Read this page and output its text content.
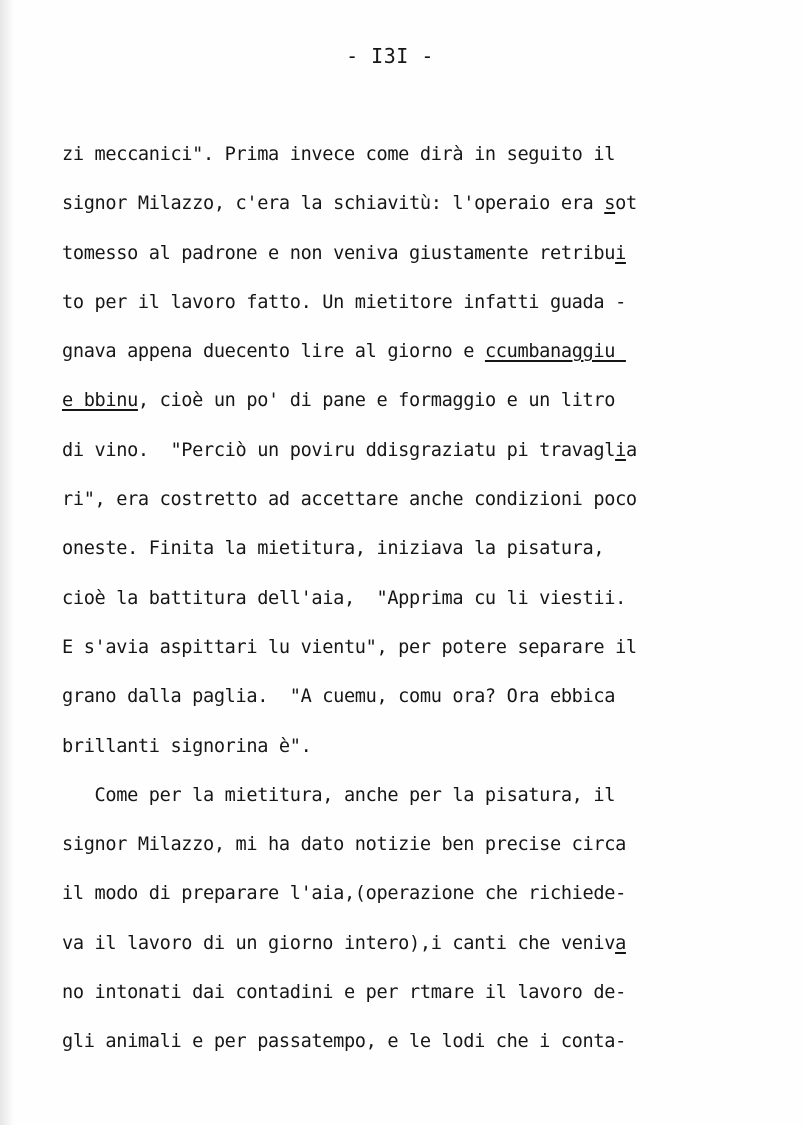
- I3I -
zi meccanici". Prima invece come dirà in seguito il
signor Milazzo, c'era la schiavitù: l'operaio era sot
tomesso al padrone e non veniva giustamente retribui
to per il lavoro fatto. Un mietitore infatti guada -
gnava appena duecento lire al giorno e ccumbanaggiu
e bbinu, cioè un po' di pane e formaggio e un litro
di vino.  "Perciò un poviru ddisgraziatu pi travaglia
ri", era costretto ad accettare anche condizioni poco
oneste. Finita la mietitura, iniziava la pisatura,
cioè la battitura dell'aia,  "Apprima cu li viestii.
E s'avia aspittari lu vientu", per potere separare il
grano dalla paglia.  "A cuemu, comu ora? Ora ebbica
brillanti signorina è".
Come per la mietitura, anche per la pisatura, il
signor Milazzo, mi ha dato notizie ben precise circa
il modo di preparare l'aia,(operazione che richiede-
va il lavoro di un giorno intero),i canti che veniva
no intonati dai contadini e per rtmare il lavoro de-
gli animali e per passatempo, e le lodi che i conta-
